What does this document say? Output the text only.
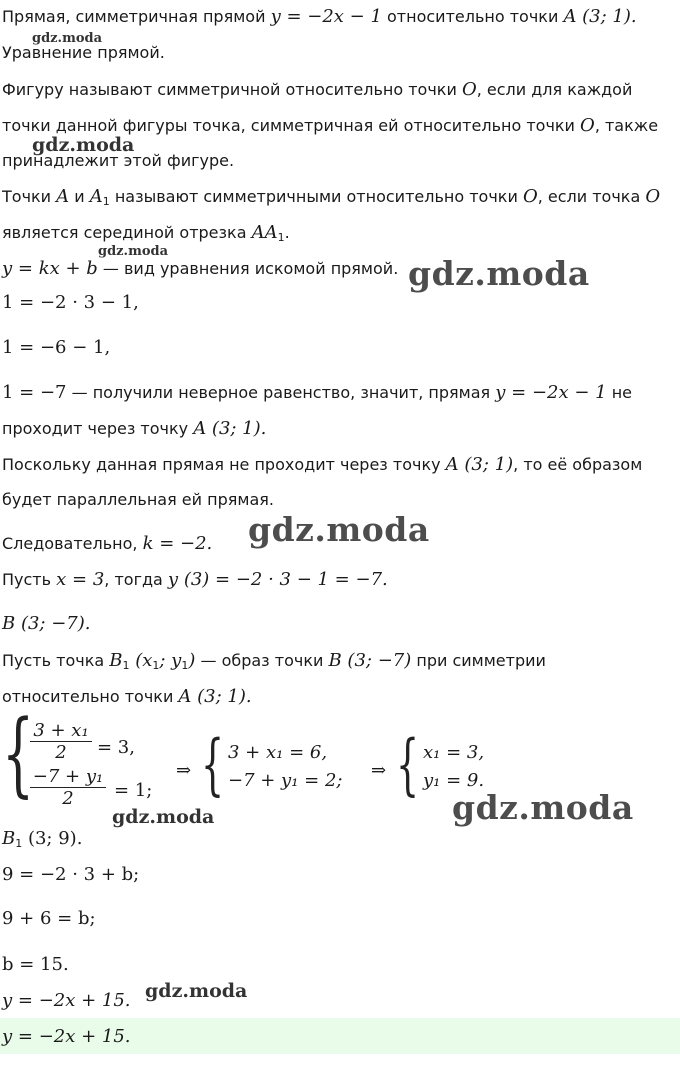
Прямая, симметричная прямой y = −2x − 1 относительно точки A (3; 1).
gdz.moda
Уравнение прямой.
Фигуру называют симметричной относительно точки O, если для каждой
точки данной фигуры точка, симметричная ей относительно точки O, также
gdz.moda
принадлежит этой фигуре.
Точки A и $A_1$ называют симметричными относительно точки O, если точка O
является серединой отрезка $AA_1$.
gdz.moda
y = kx + b — вид уравнения искомой прямой. gdz.moda
1 = −2 · 3 − 1,
1 = −6 − 1,
1 = −7 — получили неверное равенство, значит, прямая y = −2x − 1 не
проходит через точку A (3; 1).
Поскольку данная прямая не проходит через точку A (3; 1), то её образом
будет параллельная ей прямая.
Следовательно, k = −2. gdz.moda
Пусть x = 3, тогда y (3) = −2 · 3 − 1 = −7.
B (3; −7).
Пусть точка $B_1$ ($x_1$; $y_1$) — образ точки B (3; −7) при симметрии
относительно точки A (3; 1).
{
$\frac{\text{3 + x₁}}{2} = 3$,
$\frac{\text{−7 + y₁}}{2} = 1$;
⇒ { 3 + x₁ = 6,
−7 + y₁ = 2; ⇒ { x₁ = 3,
y₁ = 9.
gdz.moda
gdz.moda
$B_1$ (3; 9).
9 = −2 · 3 + b;
9 + 6 = b;
b = 15.
y = −2x + 15. gdz.moda
y = −2x + 15.
